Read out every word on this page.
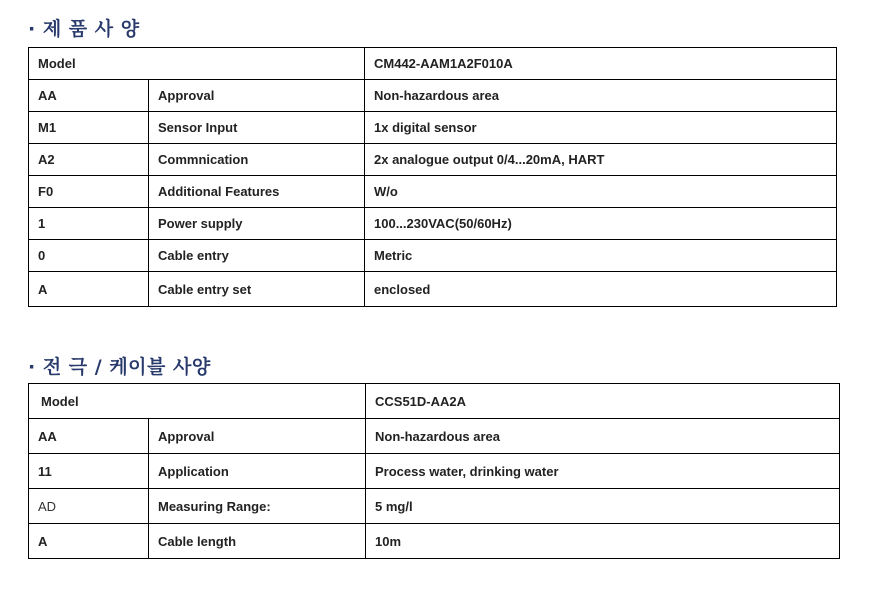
· 제 품 사 양
Model		CM442-AAM1A2F010A
AA	Approval	Non-hazardous area
M1	Sensor Input	1x digital sensor
A2	Commnication	2x analogue output 0/4...20mA, HART
F0	Additional Features	W/o
1	Power supply	100...230VAC(50/60Hz)
0	Cable entry	Metric
A	Cable entry set	enclosed
· 전 극 / 케이블 사양
Model		CCS51D-AA2A
AA	Approval	Non-hazardous area
11	Application	Process water, drinking water
AD	Measuring Range:	5 mg/l
A	Cable length	10m
